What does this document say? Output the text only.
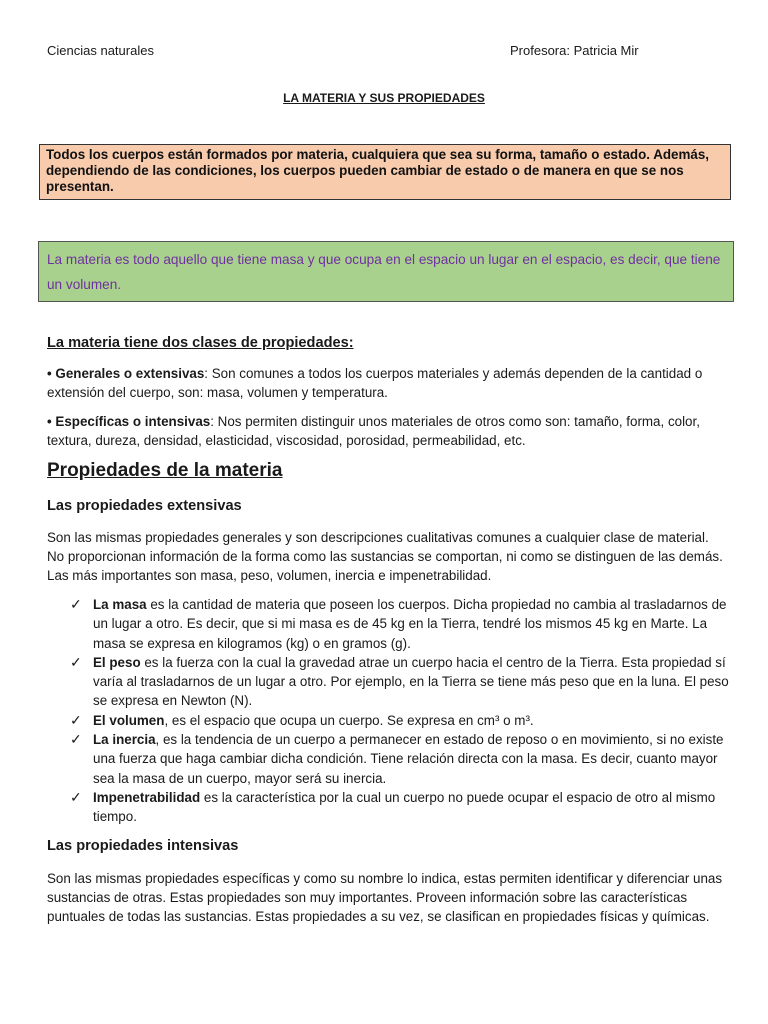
Ciencias naturales	Profesora: Patricia Mir
LA MATERIA Y SUS PROPIEDADES
Todos los cuerpos están formados por materia, cualquiera que sea su forma, tamaño o estado. Además, dependiendo de las condiciones, los cuerpos pueden cambiar de estado o de manera en que se nos presentan.
La materia es todo aquello que tiene masa y que ocupa en el espacio un lugar en el espacio, es decir, que tiene un volumen.
La materia tiene dos clases de propiedades:
• Generales o extensivas: Son comunes a todos los cuerpos materiales y además dependen de la cantidad o extensión del cuerpo, son: masa, volumen y temperatura.
• Específicas o intensivas: Nos permiten distinguir unos materiales de otros como son: tamaño, forma, color, textura, dureza, densidad, elasticidad, viscosidad, porosidad, permeabilidad, etc.
Propiedades de la materia
Las propiedades extensivas
Son las mismas propiedades generales y son descripciones cualitativas comunes a cualquier clase de material. No proporcionan información de la forma como las sustancias se comportan, ni como se distinguen de las demás. Las más importantes son masa, peso, volumen, inercia e impenetrabilidad.
✓ La masa es la cantidad de materia que poseen los cuerpos. Dicha propiedad no cambia al trasladarnos de un lugar a otro. Es decir, que si mi masa es de 45 kg en la Tierra, tendré los mismos 45 kg en Marte. La masa se expresa en kilogramos (kg) o en gramos (g).
✓ El peso es la fuerza con la cual la gravedad atrae un cuerpo hacia el centro de la Tierra. Esta propiedad sí varía al trasladarnos de un lugar a otro. Por ejemplo, en la Tierra se tiene más peso que en la luna. El peso se expresa en Newton (N).
✓ El volumen, es el espacio que ocupa un cuerpo. Se expresa en cm³ o m³.
✓ La inercia, es la tendencia de un cuerpo a permanecer en estado de reposo o en movimiento, si no existe una fuerza que haga cambiar dicha condición. Tiene relación directa con la masa. Es decir, cuanto mayor sea la masa de un cuerpo, mayor será su inercia.
✓ Impenetrabilidad es la característica por la cual un cuerpo no puede ocupar el espacio de otro al mismo tiempo.
Las propiedades intensivas
Son las mismas propiedades específicas y como su nombre lo indica, estas permiten identificar y diferenciar unas sustancias de otras. Estas propiedades son muy importantes. Proveen información sobre las características puntuales de todas las sustancias. Estas propiedades a su vez, se clasifican en propiedades físicas y químicas.
